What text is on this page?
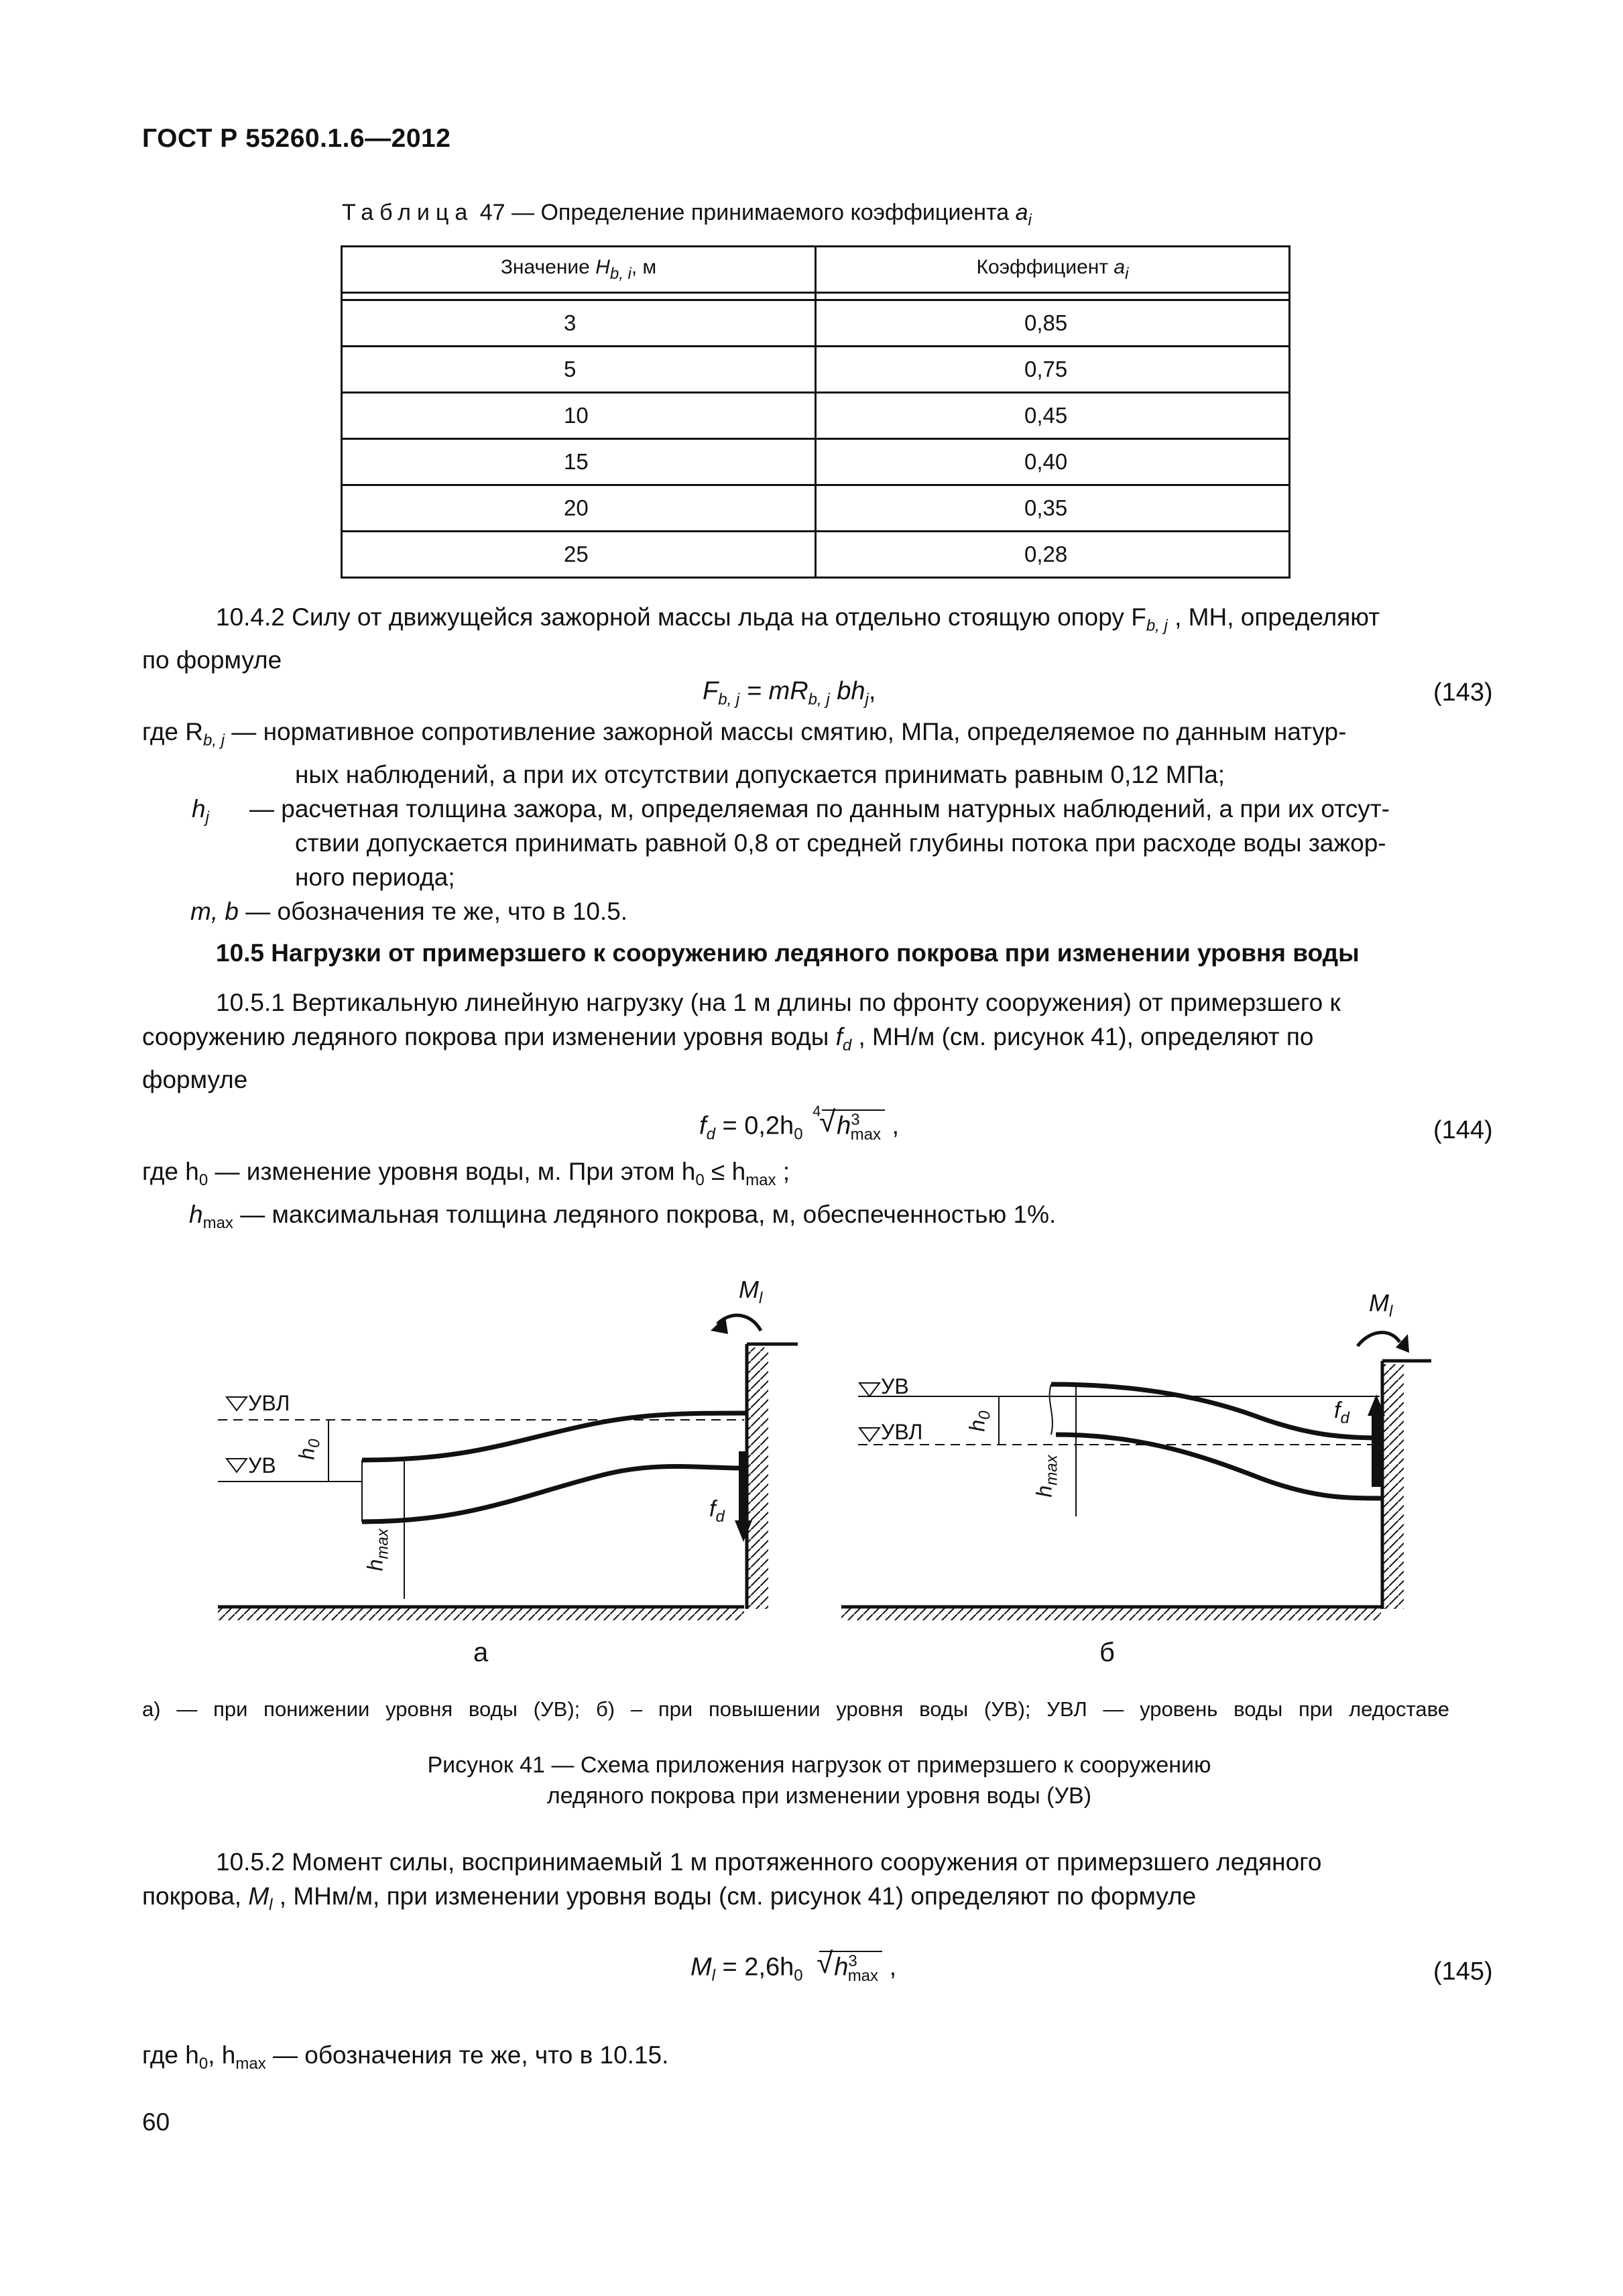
ГОСТ Р 55260.1.6—2012
Таблица 47 — Определение принимаемого коэффициента $a_i$
Значение $H_{b, i}$, м	Коэффициент $a_i$

3	0,85
5	0,75
10	0,45
15	0,40
20	0,35
25	0,28
10.4.2 Силу от движущейся зажорной массы льда на отдельно стоящую опору $F_{b, j}$ , МН, определяют
по формуле
$F_{b, j} = mR_{b, j}$ $bh_j$,	(143)
где $R_{b, j}$ — нормативное сопротивление зажорной массы смятию, МПа, определяемое по данным натур-
ных наблюдений, а при их отсутствии допускается принимать равным 0,12 МПа;
$h_j$ — расчетная толщина зажора, м, определяемая по данным натурных наблюдений, а при их отсут-
ствии допускается принимать равной 0,8 от средней глубины потока при расходе воды зажор-
ного периода;
m, b — обозначения те же, что в 10.5.
10.5 Нагрузки от примерзшего к сооружению ледяного покрова при изменении уровня воды
10.5.1 Вертикальную линейную нагрузку (на 1 м длины по фронту сооружения) от примерзшего к
сооружению ледяного покрова при изменении уровня воды $f_d$ , МН/м (см. рисунок 41), определяют по
формуле
$f_d = 0,2h_0$
4
√ $h^3_{max}$ ,	(144)
где $h_0$ — изменение уровня воды, м. При этом $h_0 \le h_{max}$ ;
$h_{max}$ — максимальная толщина ледяного покрова, м, обеспеченностью 1%.
УВЛ
УВ $h_0$
$h_{max}$
$f_d$
$M_l$
а
УВ
УВЛ $h_0$
$h_{max}$
$f_d$
$M_l$
б
а) — при понижении уровня воды (УВ); б) – при повышении уровня воды (УВ); УВЛ — уровень воды при ледоставе
Рисунок 41 — Схема приложения нагрузок от примерзшего к сооружению
ледяного покрова при изменении уровня воды (УВ)
10.5.2 Момент силы, воспринимаемый 1 м протяженного сооружения от примерзшего ледяного
покрова, $M_l$ , МНм/м, при изменении уровня воды (см. рисунок 41) определяют по формуле
$M_l = 2,6h_0$ √ $h^3_{max}$ ,	(145)
где $h_0$, $h_{max}$ — обозначения те же, что в 10.15.
60
